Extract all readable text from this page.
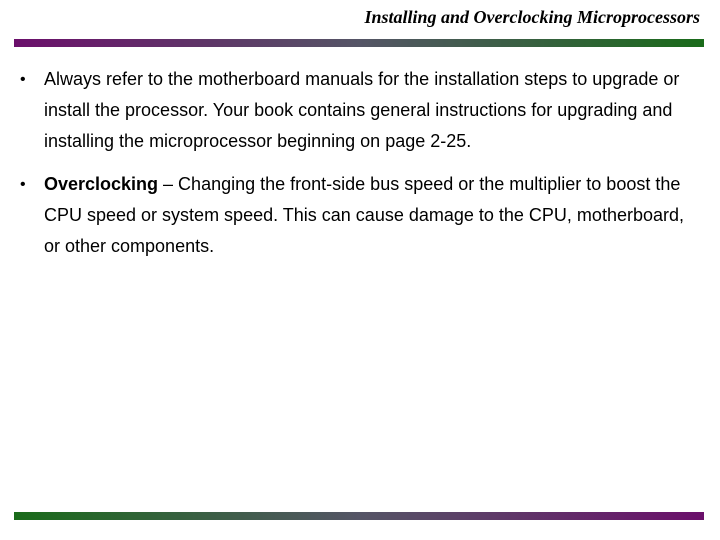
Installing and Overclocking Microprocessors
• Always refer to the motherboard manuals for the installation steps to upgrade or install the processor. Your book contains general instructions for upgrading and installing the microprocessor beginning on page 2-25.
• Overclocking – Changing the front-side bus speed or the multiplier to boost the CPU speed or system speed. This can cause damage to the CPU, motherboard, or other components.
